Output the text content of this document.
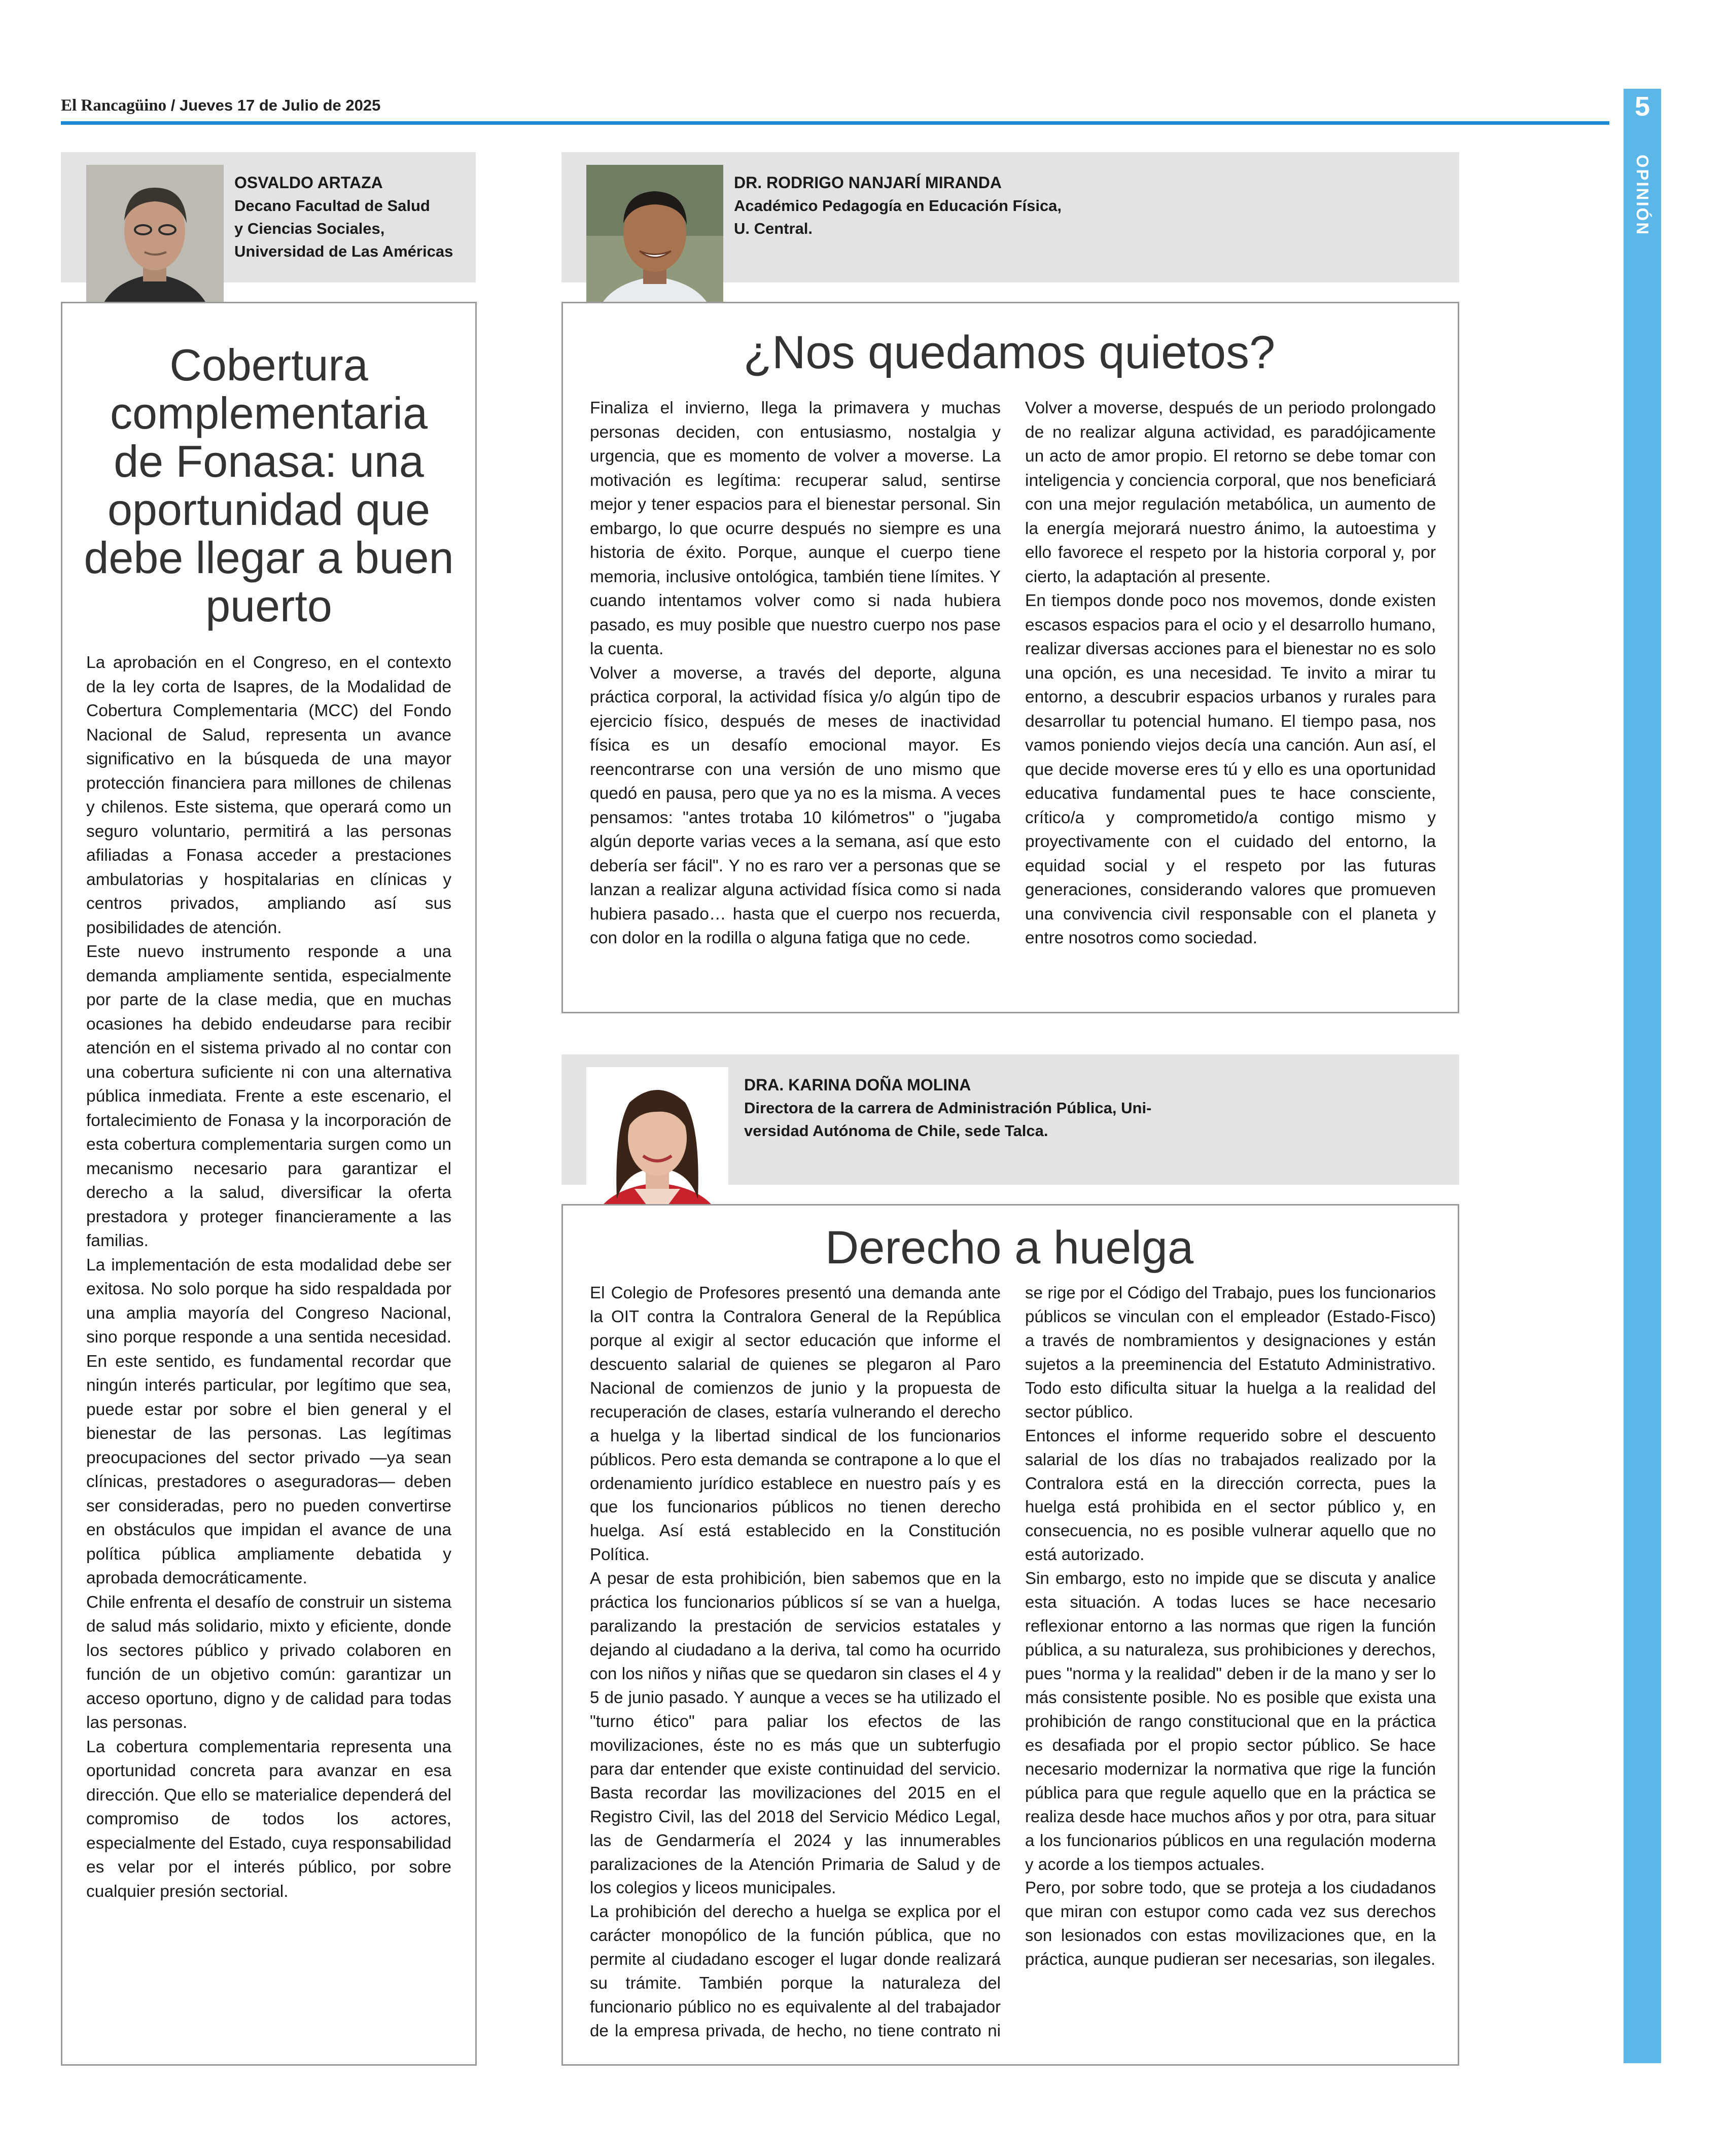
El Rancagüino / Jueves 17 de Julio de 2025	5
OPINIÓN
OSVALDO ARTAZA
Decano Facultad de Salud
y Ciencias Sociales,
Universidad de Las Américas
Cobertura complementaria de Fonasa: una oportunidad que debe llegar a buen puerto

La aprobación en el Congreso, en el contexto de la ley corta de Isapres, de la Modalidad de Cobertura Complementaria (MCC) del Fondo Nacional de Salud, representa un avance significativo en la búsqueda de una mayor protección financiera para millones de chilenas y chilenos. Este sistema, que operará como un seguro voluntario, permitirá a las personas afiliadas a Fonasa acceder a prestaciones ambulatorias y hospitalarias en clínicas y centros privados, ampliando así sus posibilidades de atención.

Este nuevo instrumento responde a una demanda ampliamente sentida, especialmente por parte de la clase media, que en muchas ocasiones ha debido endeudarse para recibir atención en el sistema privado al no contar con una cobertura suficiente ni con una alternativa pública inmediata. Frente a este escenario, el fortalecimiento de Fonasa y la incorporación de esta cobertura complementaria surgen como un mecanismo necesario para garantizar el derecho a la salud, diversificar la oferta prestadora y proteger financieramente a las familias.

La implementación de esta modalidad debe ser exitosa. No solo porque ha sido respaldada por una amplia mayoría del Congreso Nacional, sino porque responde a una sentida necesidad. En este sentido, es fundamental recordar que ningún interés particular, por legítimo que sea, puede estar por sobre el bien general y el bienestar de las personas. Las legítimas preocupaciones del sector privado —ya sean clínicas, prestadores o aseguradoras— deben ser consideradas, pero no pueden convertirse en obstáculos que impidan el avance de una política pública ampliamente debatida y aprobada democráticamente.

Chile enfrenta el desafío de construir un sistema de salud más solidario, mixto y eficiente, donde los sectores público y privado colaboren en función de un objetivo común: garantizar un acceso oportuno, digno y de calidad para todas las personas.

La cobertura complementaria representa una oportunidad concreta para avanzar en esa dirección. Que ello se materialice dependerá del compromiso de todos los actores, especialmente del Estado, cuya responsabilidad es velar por el interés público, por sobre cualquier presión sectorial.

DR. RODRIGO NANJARÍ MIRANDA
Académico Pedagogía en Educación Física,
U. Central.
¿Nos quedamos quietos?

Finaliza el invierno, llega la primavera y muchas personas deciden, con entusiasmo, nostalgia y urgencia, que es momento de volver a moverse. La motivación es legítima: recuperar salud, sentirse mejor y tener espacios para el bienestar personal. Sin embargo, lo que ocurre después no siempre es una historia de éxito. Porque, aunque el cuerpo tiene memoria, inclusive ontológica, también tiene límites. Y cuando intentamos volver como si nada hubiera pasado, es muy posible que nuestro cuerpo nos pase la cuenta.

Volver a moverse, a través del deporte, alguna práctica corporal, la actividad física y/o algún tipo de ejercicio físico, después de meses de inactividad física es un desafío emocional mayor. Es reencontrarse con una versión de uno mismo que quedó en pausa, pero que ya no es la misma. A veces pensamos: "antes trotaba 10 kilómetros" o "jugaba algún deporte varias veces a la semana, así que esto debería ser fácil". Y no es raro ver a personas que se lanzan a realizar alguna actividad física como si nada hubiera pasado… hasta que el cuerpo nos recuerda, con dolor en la rodilla o alguna fatiga que no cede.

Volver a moverse, después de un periodo prolongado de no realizar alguna actividad, es paradójicamente un acto de amor propio. El retorno se debe tomar con inteligencia y conciencia corporal, que nos beneficiará con una mejor regulación metabólica, un aumento de la energía mejorará nuestro ánimo, la autoestima y ello favorece el respeto por la historia corporal y, por cierto, la adaptación al presente.

En tiempos donde poco nos movemos, donde existen escasos espacios para el ocio y el desarrollo humano, realizar diversas acciones para el bienestar no es solo una opción, es una necesidad. Te invito a mirar tu entorno, a descubrir espacios urbanos y rurales para desarrollar tu potencial humano. El tiempo pasa, nos vamos poniendo viejos decía una canción. Aun así, el que decide moverse eres tú y ello es una oportunidad educativa fundamental pues te hace consciente, crítico/a y comprometido/a contigo mismo y proyectivamente con el cuidado del entorno, la equidad social y el respeto por las futuras generaciones, considerando valores que promueven una convivencia civil responsable con el planeta y entre nosotros como sociedad.

DRA. KARINA DOÑA MOLINA
Directora de la carrera de Administración Pública, Uni-
versidad Autónoma de Chile, sede Talca.
Derecho a huelga

El Colegio de Profesores presentó una demanda ante la OIT contra la Contralora General de la República porque al exigir al sector educación que informe el descuento salarial de quienes se plegaron al Paro Nacional de comienzos de junio y la propuesta de recuperación de clases, estaría vulnerando el derecho a huelga y la libertad sindical de los funcionarios públicos. Pero esta demanda se contrapone a lo que el ordenamiento jurídico establece en nuestro país y es que los funcionarios públicos no tienen derecho huelga. Así está establecido en la Constitución Política.

A pesar de esta prohibición, bien sabemos que en la práctica los funcionarios públicos sí se van a huelga, paralizando la prestación de servicios estatales y dejando al ciudadano a la deriva, tal como ha ocurrido con los niños y niñas que se quedaron sin clases el 4 y 5 de junio pasado. Y aunque a veces se ha utilizado el "turno ético" para paliar los efectos de las movilizaciones, éste no es más que un subterfugio para dar entender que existe continuidad del servicio. Basta recordar las movilizaciones del 2015 en el Registro Civil, las del 2018 del Servicio Médico Legal, las de Gendarmería el 2024 y las innumerables paralizaciones de la Atención Primaria de Salud y de los colegios y liceos municipales.

La prohibición del derecho a huelga se explica por el carácter monopólico de la función pública, que no permite al ciudadano escoger el lugar donde realizará su trámite. También porque la naturaleza del funcionario público no es equivalente al del trabajador de la empresa privada, de hecho, no tiene contrato ni se rige por el Código del Trabajo, pues los funcionarios públicos se vinculan con el empleador (Estado-Fisco) a través de nombramientos y designaciones y están sujetos a la preeminencia del Estatuto Administrativo. Todo esto dificulta situar la huelga a la realidad del sector público.

Entonces el informe requerido sobre el descuento salarial de los días no trabajados realizado por la Contralora está en la dirección correcta, pues la huelga está prohibida en el sector público y, en consecuencia, no es posible vulnerar aquello que no está autorizado.

Sin embargo, esto no impide que se discuta y analice esta situación. A todas luces se hace necesario reflexionar entorno a las normas que rigen la función pública, a su naturaleza, sus prohibiciones y derechos, pues "norma y la realidad" deben ir de la mano y ser lo más consistente posible. No es posible que exista una prohibición de rango constitucional que en la práctica es desafiada por el propio sector público. Se hace necesario modernizar la normativa que rige la función pública para que regule aquello que en la práctica se realiza desde hace muchos años y por otra, para situar a los funcionarios públicos en una regulación moderna y acorde a los tiempos actuales.

Pero, por sobre todo, que se proteja a los ciudadanos que miran con estupor como cada vez sus derechos son lesionados con estas movilizaciones que, en la práctica, aunque pudieran ser necesarias, son ilegales.
